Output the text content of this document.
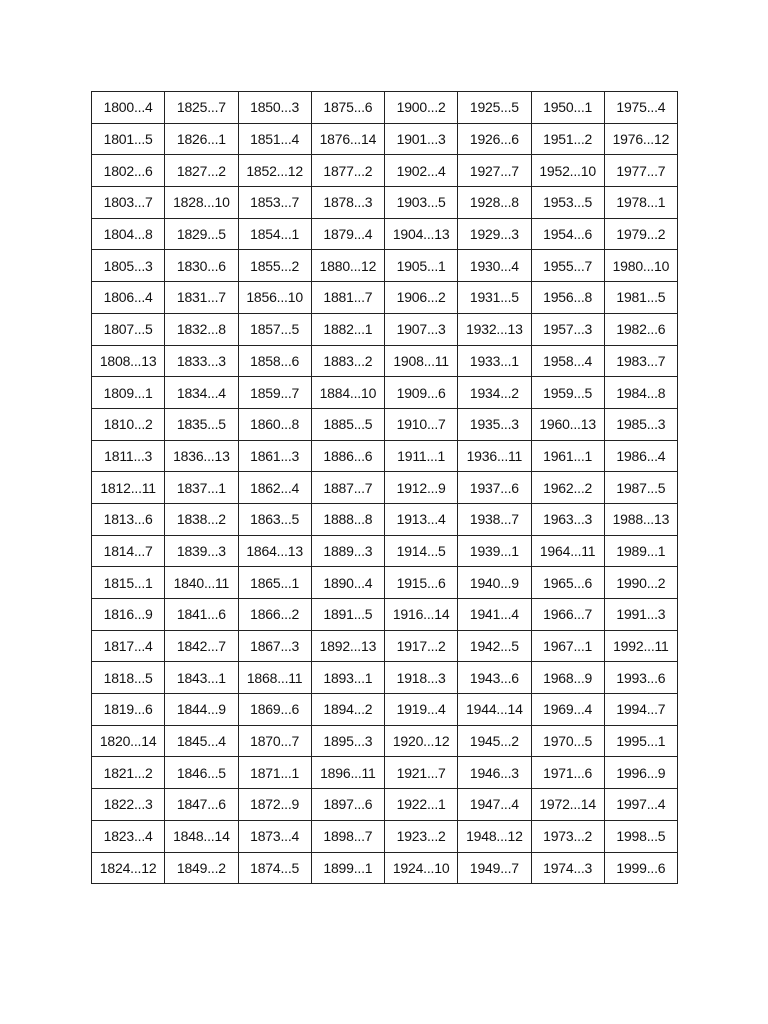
1800...4	1825...7	1850...3	1875...6	1900...2	1925...5	1950...1	1975...4
1801...5	1826...1	1851...4	1876...14	1901...3	1926...6	1951...2	1976...12
1802...6	1827...2	1852...12	1877...2	1902...4	1927...7	1952...10	1977...7
1803...7	1828...10	1853...7	1878...3	1903...5	1928...8	1953...5	1978...1
1804...8	1829...5	1854...1	1879...4	1904...13	1929...3	1954...6	1979...2
1805...3	1830...6	1855...2	1880...12	1905...1	1930...4	1955...7	1980...10
1806...4	1831...7	1856...10	1881...7	1906...2	1931...5	1956...8	1981...5
1807...5	1832...8	1857...5	1882...1	1907...3	1932...13	1957...3	1982...6
1808...13	1833...3	1858...6	1883...2	1908...11	1933...1	1958...4	1983...7
1809...1	1834...4	1859...7	1884...10	1909...6	1934...2	1959...5	1984...8
1810...2	1835...5	1860...8	1885...5	1910...7	1935...3	1960...13	1985...3
1811...3	1836...13	1861...3	1886...6	1911...1	1936...11	1961...1	1986...4
1812...11	1837...1	1862...4	1887...7	1912...9	1937...6	1962...2	1987...5
1813...6	1838...2	1863...5	1888...8	1913...4	1938...7	1963...3	1988...13
1814...7	1839...3	1864...13	1889...3	1914...5	1939...1	1964...11	1989...1
1815...1	1840...11	1865...1	1890...4	1915...6	1940...9	1965...6	1990...2
1816...9	1841...6	1866...2	1891...5	1916...14	1941...4	1966...7	1991...3
1817...4	1842...7	1867...3	1892...13	1917...2	1942...5	1967...1	1992...11
1818...5	1843...1	1868...11	1893...1	1918...3	1943...6	1968...9	1993...6
1819...6	1844...9	1869...6	1894...2	1919...4	1944...14	1969...4	1994...7
1820...14	1845...4	1870...7	1895...3	1920...12	1945...2	1970...5	1995...1
1821...2	1846...5	1871...1	1896...11	1921...7	1946...3	1971...6	1996...9
1822...3	1847...6	1872...9	1897...6	1922...1	1947...4	1972...14	1997...4
1823...4	1848...14	1873...4	1898...7	1923...2	1948...12	1973...2	1998...5
1824...12	1849...2	1874...5	1899...1	1924...10	1949...7	1974...3	1999...6
